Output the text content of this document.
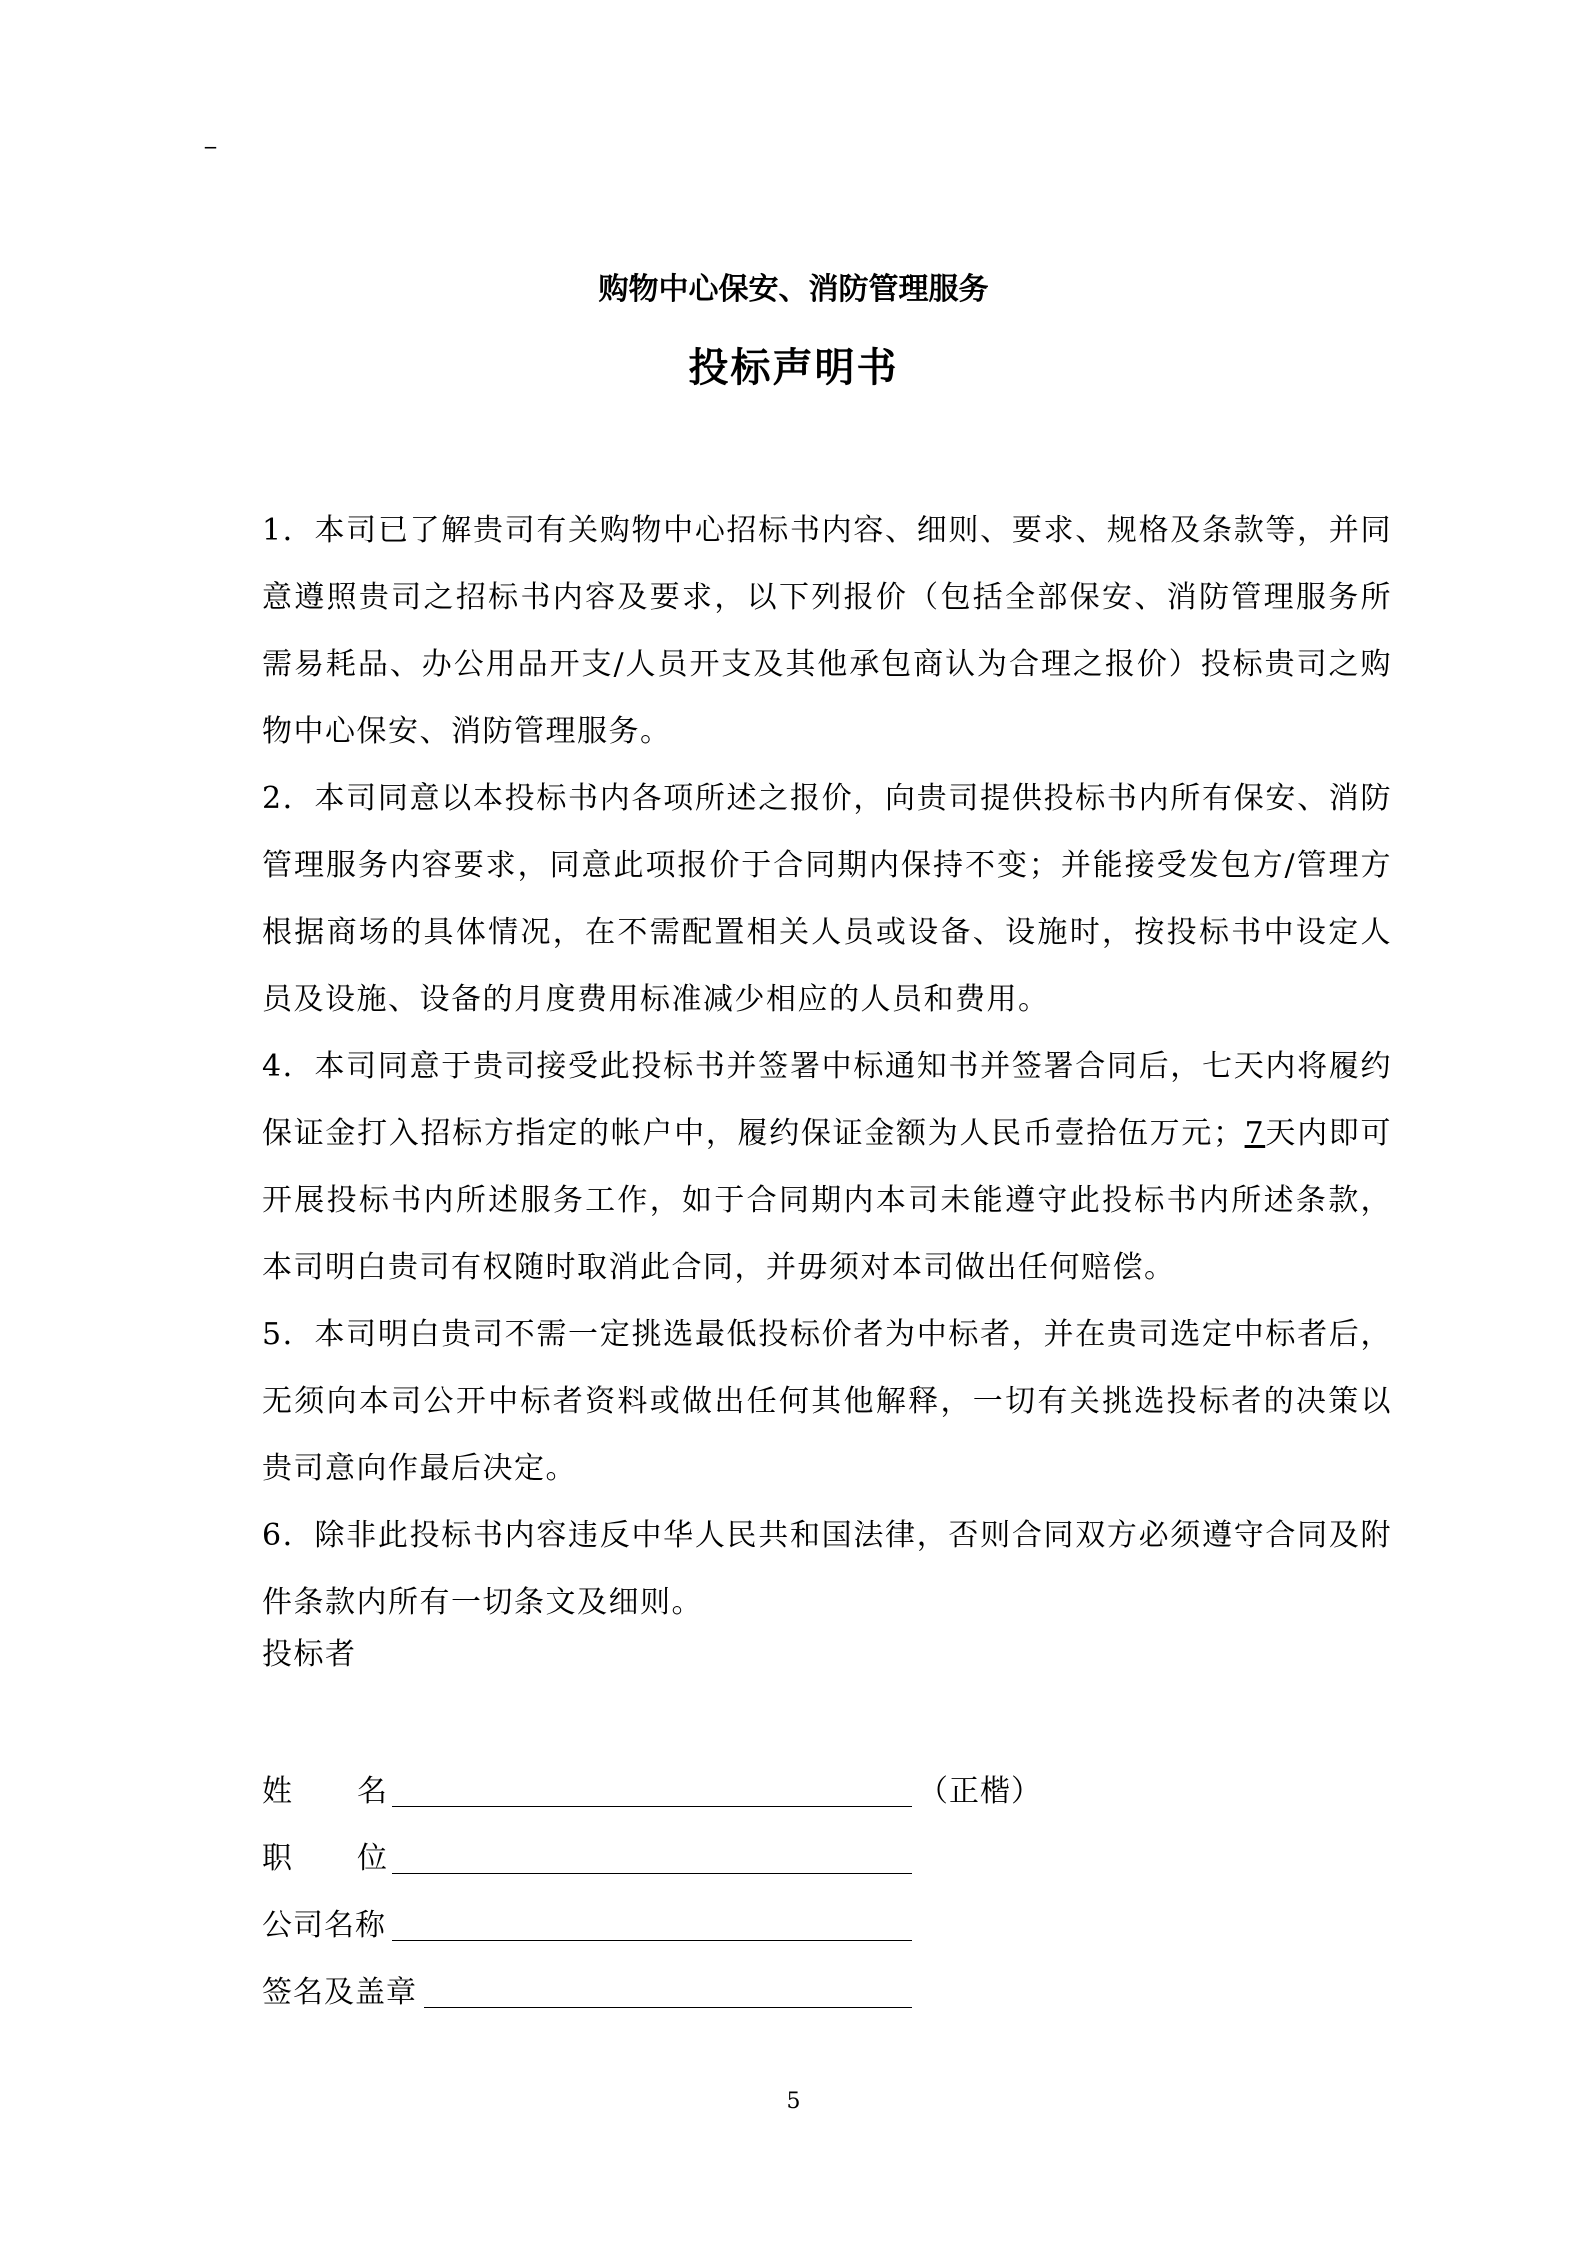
_
购物中心保安、消防管理服务
投标声明书

1．本司已了解贵司有关购物中心招标书内容、细则、要求、规格及条款等，并同意遵照贵司之招标书内容及要求，以下列报价（包括全部保安、消防管理服务所需易耗品、办公用品开支/人员开支及其他承包商认为合理之报价）投标贵司之购物中心保安、消防管理服务。

2．本司同意以本投标书内各项所述之报价，向贵司提供投标书内所有保安、消防管理服务内容要求，同意此项报价于合同期内保持不变；并能接受发包方/管理方根据商场的具体情况，在不需配置相关人员或设备、设施时，按投标书中设定人员及设施、设备的月度费用标准减少相应的人员和费用。

4．本司同意于贵司接受此投标书并签署中标通知书并签署合同后，七天内将履约保证金打入招标方指定的帐户中，履约保证金额为人民币壹拾伍万元；7天内即可开展投标书内所述服务工作，如于合同期内本司未能遵守此投标书内所述条款，本司明白贵司有权随时取消此合同，并毋须对本司做出任何赔偿。

5．本司明白贵司不需一定挑选最低投标价者为中标者，并在贵司选定中标者后，无须向本司公开中标者资料或做出任何其他解释，一切有关挑选投标者的决策以贵司意向作最后决定。

6．除非此投标书内容违反中华人民共和国法律，否则合同双方必须遵守合同及附件条款内所有一切条文及细则。

投标者
姓 名	（正楷）
职 位
公司名称
签名及盖章
5
